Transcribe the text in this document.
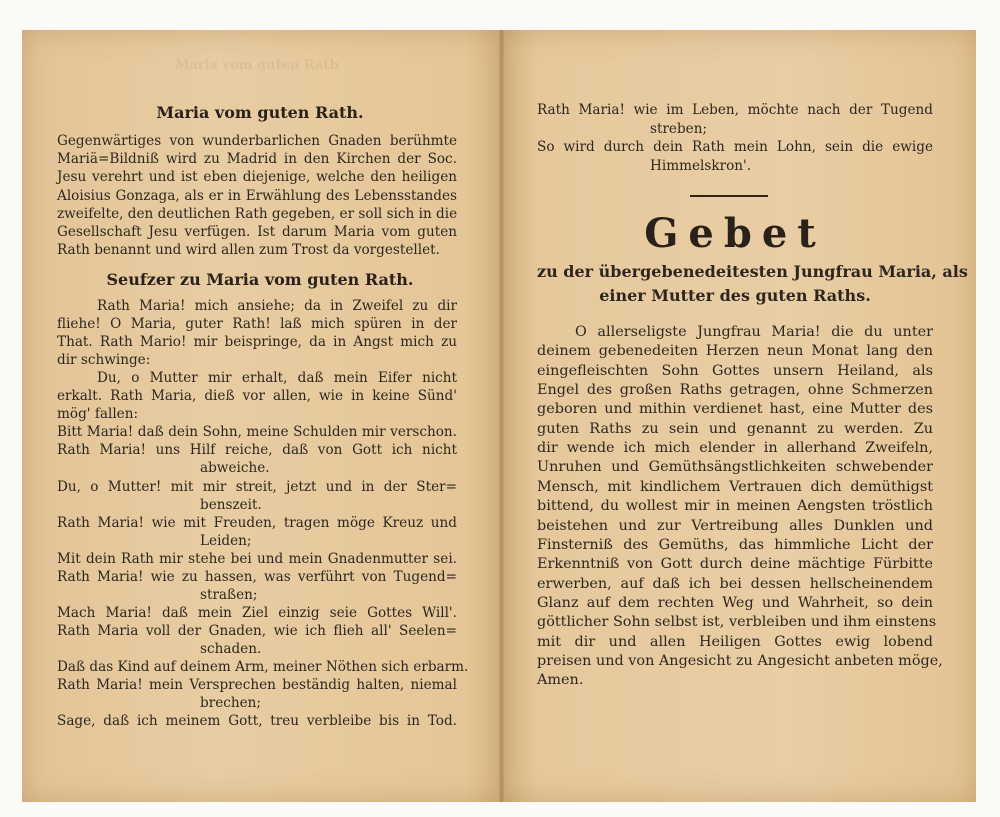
Maria vom guten Rath
Maria vom guten Rath.
Gegenwärtiges von wunderbarlichen Gnaden berühmte
Mariä=Bildniß wird zu Madrid in den Kirchen der Soc.
Jesu verehrt und ist eben diejenige, welche den heiligen
Aloisius Gonzaga, als er in Erwählung des Lebensstandes
zweifelte, den deutlichen Rath gegeben, er soll sich in die
Gesellschaft Jesu verfügen. Ist darum Maria vom guten
Rath benannt und wird allen zum Trost da vorgestellet.
Seufzer zu Maria vom guten Rath.
Rath Maria! mich ansiehe; da in Zweifel zu dir
fliehe! O Maria, guter Rath! laß mich spüren in der
That. Rath Mario! mir beispringe, da in Angst mich zu
dir schwinge:
Du, o Mutter mir erhalt, daß mein Eifer nicht
erkalt. Rath Maria, dieß vor allen, wie in keine Sünd'
mög' fallen:
Bitt Maria! daß dein Sohn, meine Schulden mir verschon.
Rath Maria! uns Hilf reiche, daß von Gott ich nicht
abweiche.
Du, o Mutter! mit mir streit, jetzt und in der Ster=
benszeit.
Rath Maria! wie mit Freuden, tragen möge Kreuz und
Leiden;
Mit dein Rath mir stehe bei und mein Gnadenmutter sei.
Rath Maria! wie zu hassen, was verführt von Tugend=
straßen;
Mach Maria! daß mein Ziel einzig seie Gottes Will'.
Rath Maria voll der Gnaden, wie ich flieh all' Seelen=
schaden.
Daß das Kind auf deinem Arm, meiner Nöthen sich erbarm.
Rath Maria! mein Versprechen beständig halten, niemal
brechen;
Sage, daß ich meinem Gott, treu verbleibe bis in Tod.
Rath Maria! wie im Leben, möchte nach der Tugend
streben;
So wird durch dein Rath mein Lohn, sein die ewige
Himmelskron'.
Gebet
zu der übergebenedeitesten Jungfrau Maria, als
einer Mutter des guten Raths.
O allerseligste Jungfrau Maria! die du unter
deinem gebenedeiten Herzen neun Monat lang den
eingefleischten Sohn Gottes unsern Heiland, als
Engel des großen Raths getragen, ohne Schmerzen
geboren und mithin verdienet hast, eine Mutter des
guten Raths zu sein und genannt zu werden. Zu
dir wende ich mich elender in allerhand Zweifeln,
Unruhen und Gemüthsängstlichkeiten schwebender
Mensch, mit kindlichem Vertrauen dich demüthigst
bittend, du wollest mir in meinen Aengsten tröstlich
beistehen und zur Vertreibung alles Dunklen und
Finsterniß des Gemüths, das himmliche Licht der
Erkenntniß von Gott durch deine mächtige Fürbitte
erwerben, auf daß ich bei dessen hellscheinendem
Glanz auf dem rechten Weg und Wahrheit, so dein
göttlicher Sohn selbst ist, verbleiben und ihm einstens
mit dir und allen Heiligen Gottes ewig lobend
preisen und von Angesicht zu Angesicht anbeten möge,
Amen.
